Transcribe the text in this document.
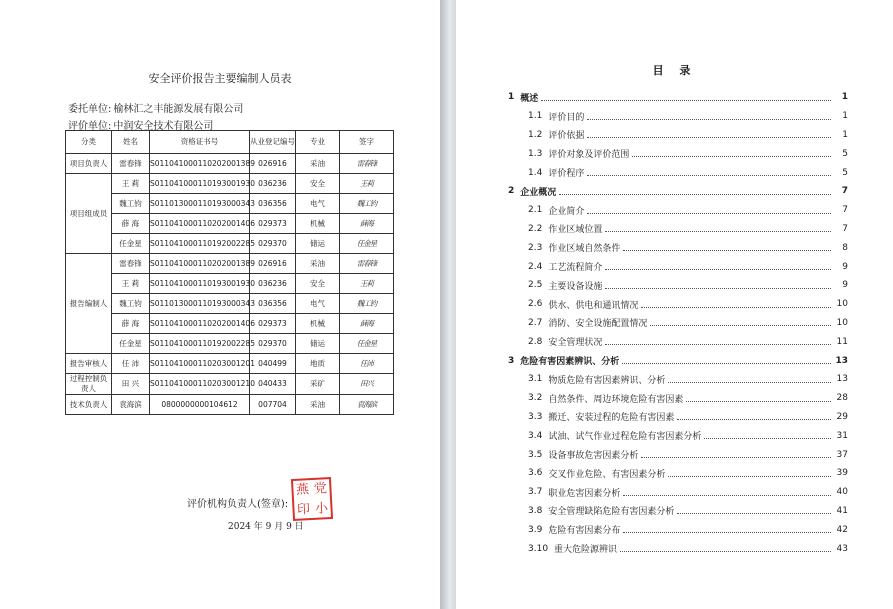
安全评价报告主要编制人员表
委托单位: 榆林汇之丰能源发展有限公司
评价单位: 中润安全技术有限公司
分类	姓名	资格证书号	从业登记编号	专业	签字
项目负责人	雷春锋	S011041000110202001389	026916	采油	雷春锋
项目组成员	王 莉	S011041000110193001930	036236	安全	王莉
	魏工钧	S011013000110193000343	036356	电气	魏工钧
	薛 海	S011041000110202001406	029373	机械	薛海
	任金星	S011041000110192002285	029370	储运	任金星
报告编制人	雷春锋	S011041000110202001389	026916	采油	雷春锋
	王 莉	S011041000110193001930	036236	安全	王莉
	魏工钧	S011013000110193000343	036356	电气	魏工钧
	薛 海	S011041000110202001406	029373	机械	薛海
	任金星	S011041000110192002285	029370	储运	任金星
报告审核人	任 沛	S011041000110203001201	040499	地质	任沛
过程控制负责人	田 兴	S011041000110203001210	040433	采矿	田兴
技术负责人	袁海滨	0800000000104612	007704	采油	袁海滨
评价机构负责人(签章):
燕 党
印 小
2024 年 9 月 9 日
目 录
1 概述	1
1.1 评价目的	1
1.2 评价依据	1
1.3 评价对象及评价范围	5
1.4 评价程序	5
2 企业概况	7
2.1 企业简介	7
2.2 作业区域位置	7
2.3 作业区域自然条件	8
2.4 工艺流程简介	9
2.5 主要设备设施	9
2.6 供水、供电和通讯情况	10
2.7 消防、安全设施配置情况	10
2.8 安全管理状况	11
3 危险有害因素辨识、分析	13
3.1 物质危险有害因素辨识、分析	13
3.2 自然条件、周边环境危险有害因素	28
3.3 搬迁、安装过程的危险有害因素	29
3.4 试油、试气作业过程危险有害因素分析	31
3.5 设备事故危害因素分析	37
3.6 交叉作业危险、有害因素分析	39
3.7 职业危害因素分析	40
3.8 安全管理缺陷危险有害因素分析	41
3.9 危险有害因素分布	42
3.10 重大危险源辨识	43
